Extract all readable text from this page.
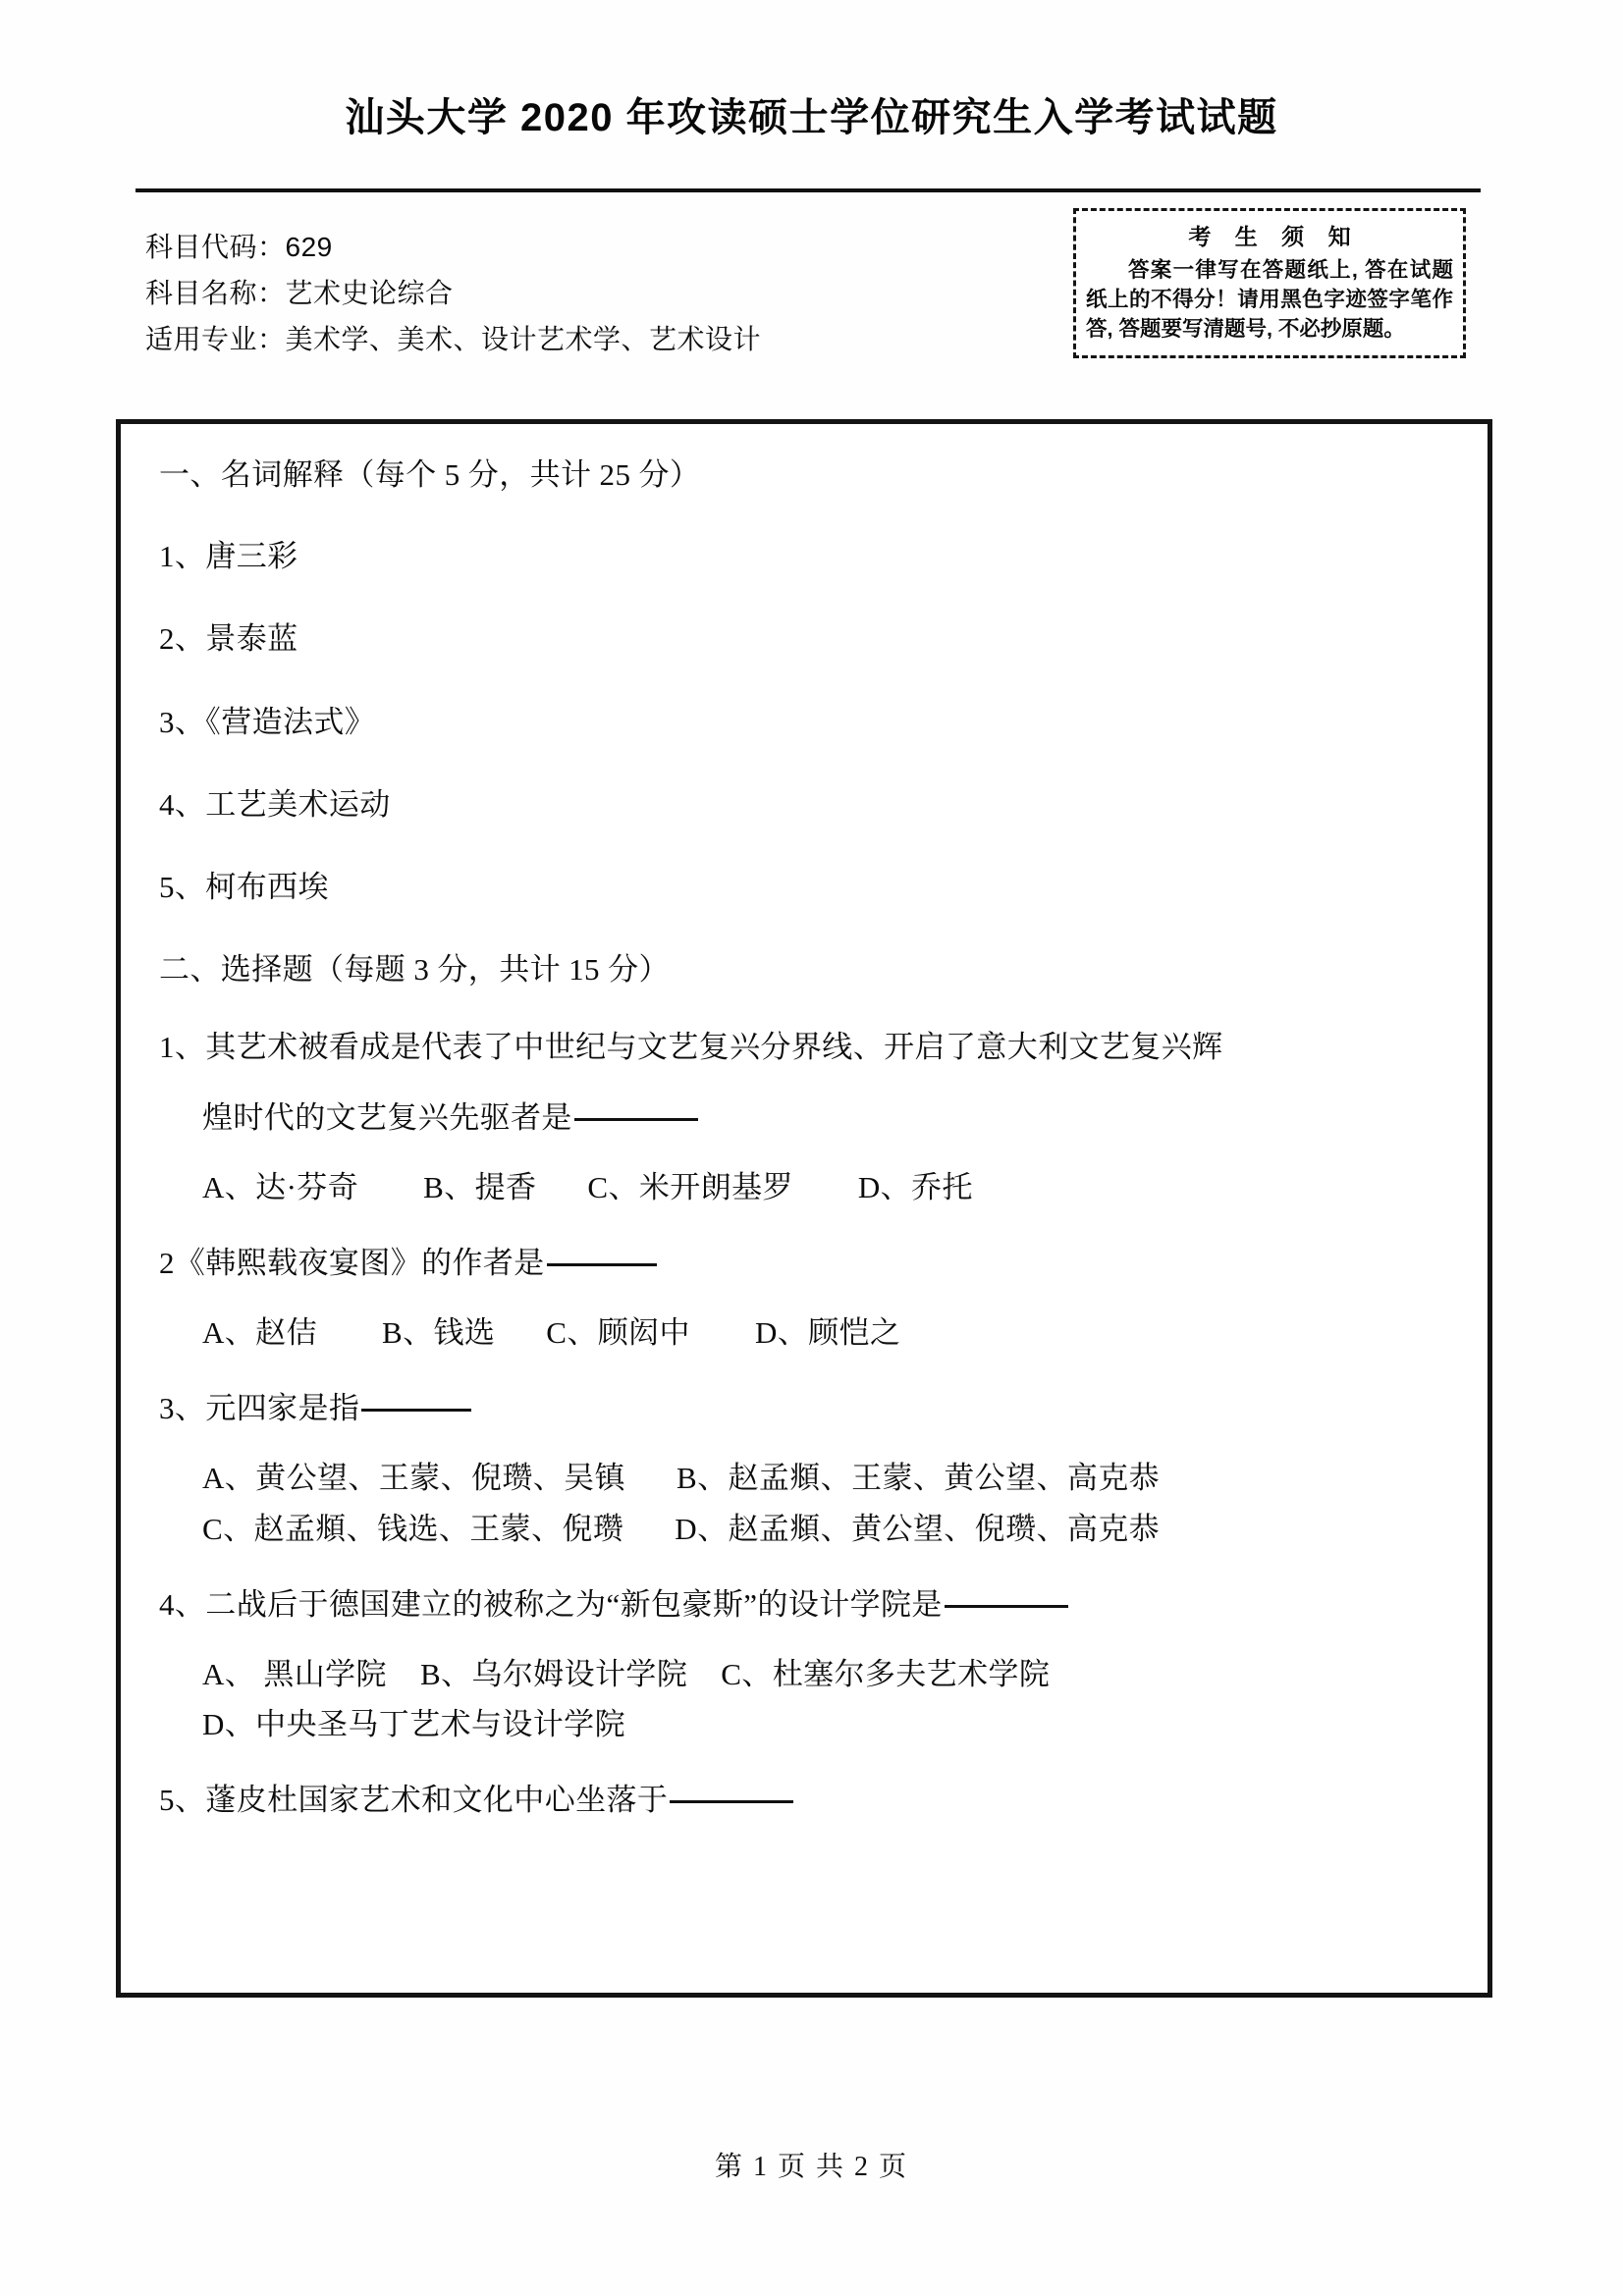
汕头大学 2020 年攻读硕士学位研究生入学考试试题
科目代码：629
科目名称：艺术史论综合
适用专业：美术学、美术、设计艺术学、艺术设计
考 生 须 知
答案一律写在答题纸上, 答在试题纸上的不得分！请用黑色字迹签字笔作答, 答题要写清题号, 不必抄原题。
一、名词解释（每个 5 分，共计 25 分）
1、唐三彩
2、景泰蓝
3、《营造法式》
4、工艺美术运动
5、柯布西埃
二、选择题（每题 3 分，共计 15 分）
1、其艺术被看成是代表了中世纪与文艺复兴分界线、开启了意大利文艺复兴辉
煌时代的文艺复兴先驱者是
A、达·芬奇 B、提香 C、米开朗基罗 D、乔托
2《韩熙载夜宴图》的作者是
A、赵佶 B、钱选 C、顾闳中 D、顾恺之
3、元四家是指
A、黄公望、王蒙、倪瓒、吴镇 B、赵孟頫、王蒙、黄公望、高克恭
C、赵孟頫、钱选、王蒙、倪瓒 D、赵孟頫、黄公望、倪瓒、高克恭
4、二战后于德国建立的被称之为“新包豪斯”的设计学院是
A、 黑山学院 B、乌尔姆设计学院 C、杜塞尔多夫艺术学院
D、中央圣马丁艺术与设计学院
5、蓬皮杜国家艺术和文化中心坐落于
第 1 页 共 2 页
